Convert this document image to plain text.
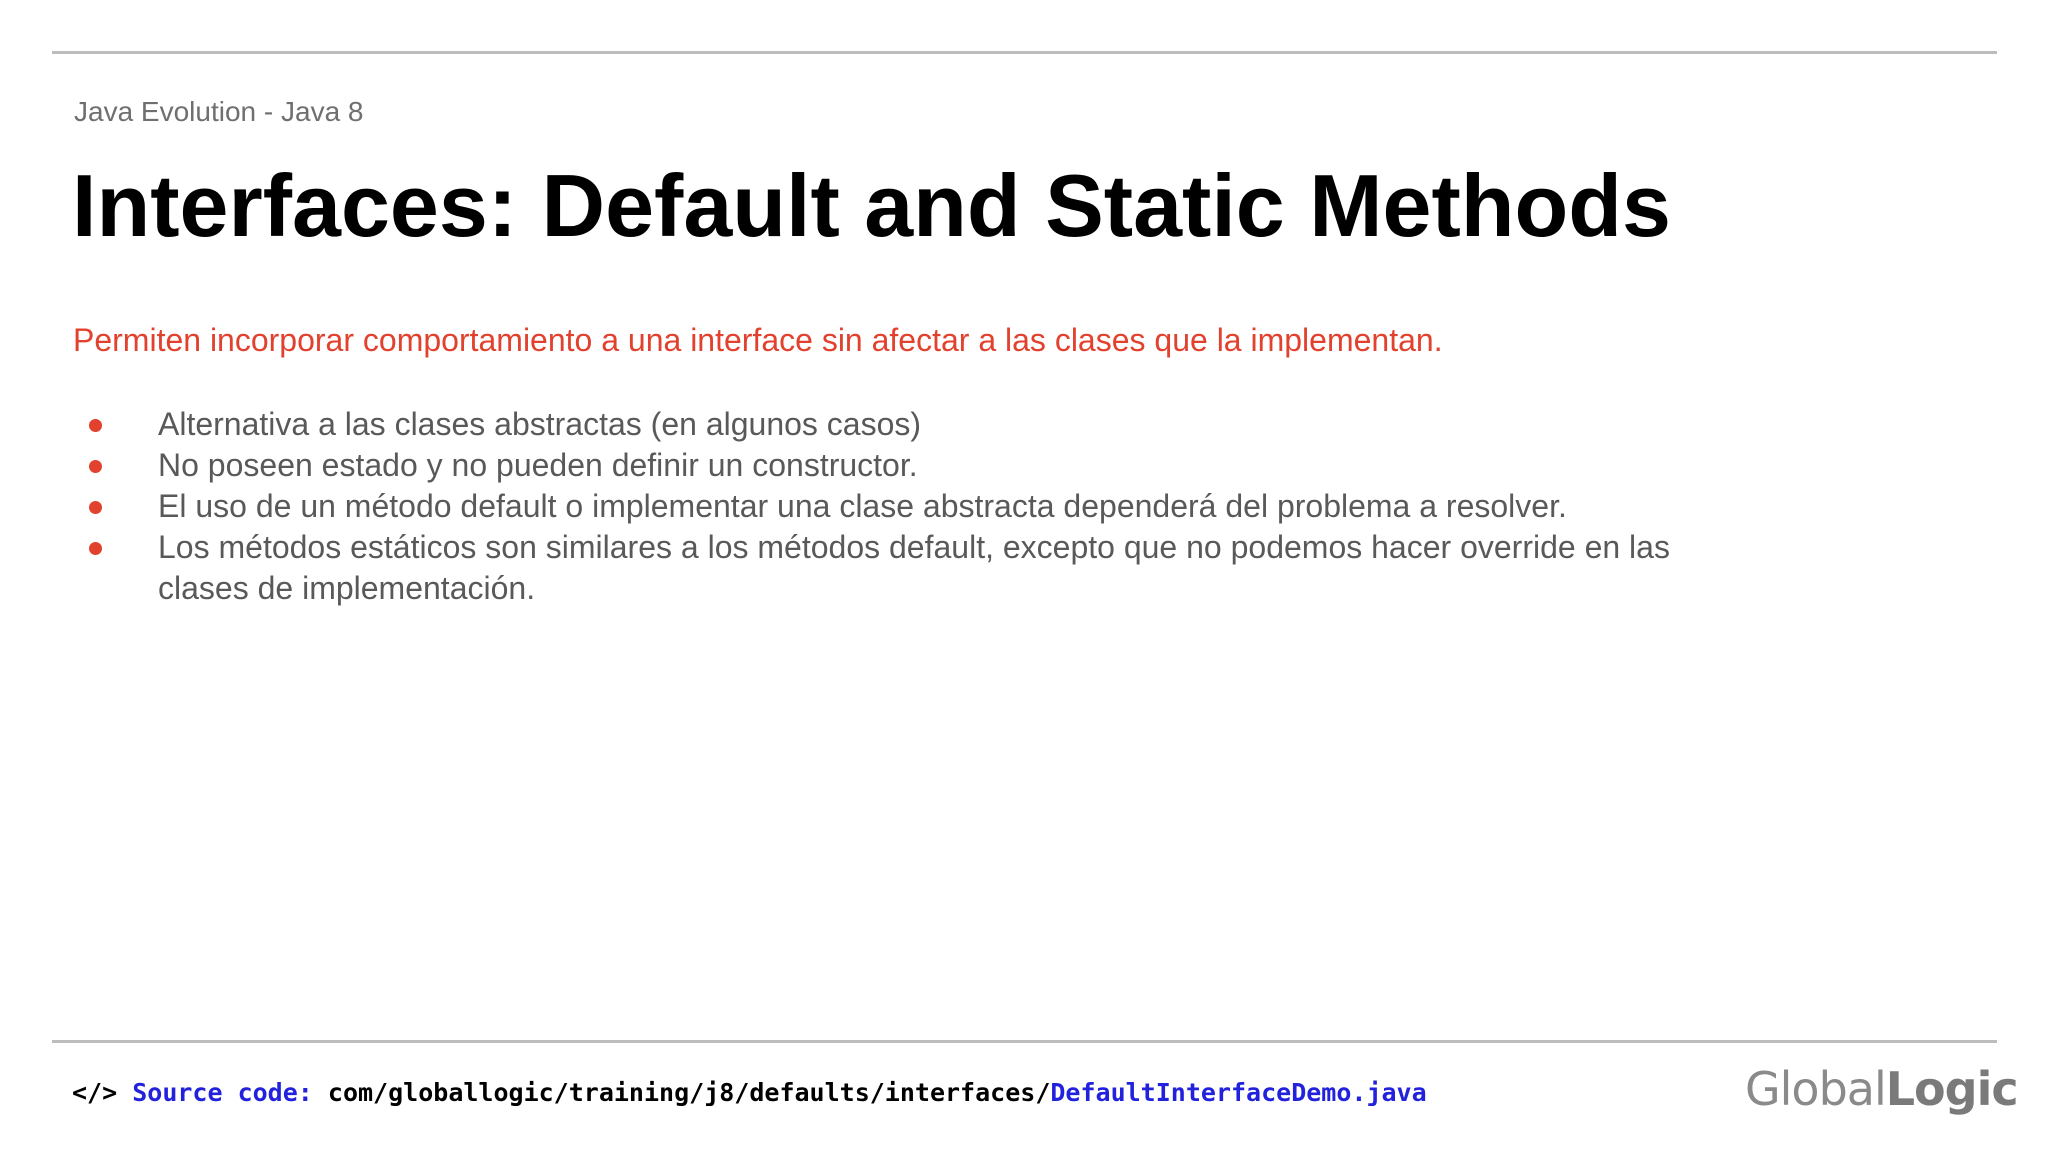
Java Evolution - Java 8
Interfaces: Default and Static Methods
Permiten incorporar comportamiento a una interface sin afectar a las clases que la implementan.
Alternativa a las clases abstractas (en algunos casos)
No poseen estado y no pueden definir un constructor.
El uso de un método default o implementar una clase abstracta dependerá del problema a resolver.
Los métodos estáticos son similares a los métodos default, excepto que no podemos hacer override en las clases de implementación.
</> Source code: com/globallogic/training/j8/defaults/interfaces/DefaultInterfaceDemo.java	GlobalLogic
